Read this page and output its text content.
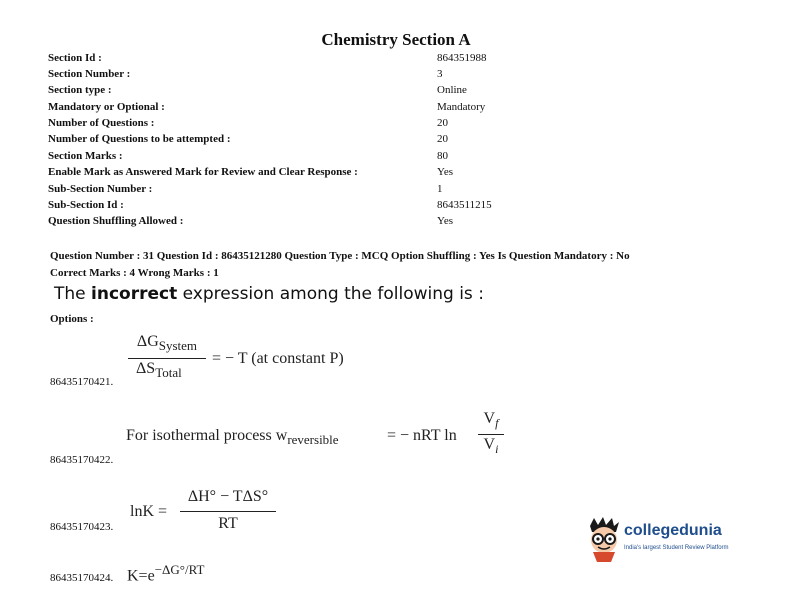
Chemistry Section A
Section Id :	864351988
Section Number :	3
Section type :	Online
Mandatory or Optional :	Mandatory
Number of Questions :	20
Number of Questions to be attempted :	20
Section Marks :	80
Enable Mark as Answered Mark for Review and Clear Response :	Yes
Sub-Section Number :	1
Sub-Section Id :	8643511215
Question Shuffling Allowed :	Yes
Question Number : 31 Question Id : 86435121280 Question Type : MCQ Option Shuffling : Yes Is Question Mandatory : No
Correct Marks : 4 Wrong Marks : 1
The incorrect expression among the following is :
Options :
$\Delta G_{System}$
$\Delta S_{Total}$
= − T (at constant P)
86435170421.
For isothermal process $w_{reversible}$	= − nRT ln
$V_f$
$V_i$
86435170422.
lnK =
ΔH° − TΔS°
RT
86435170423.
$K=e^{-\Delta G^\circ/RT}$
86435170424.
collegedunia
India's largest Student Review Platform
